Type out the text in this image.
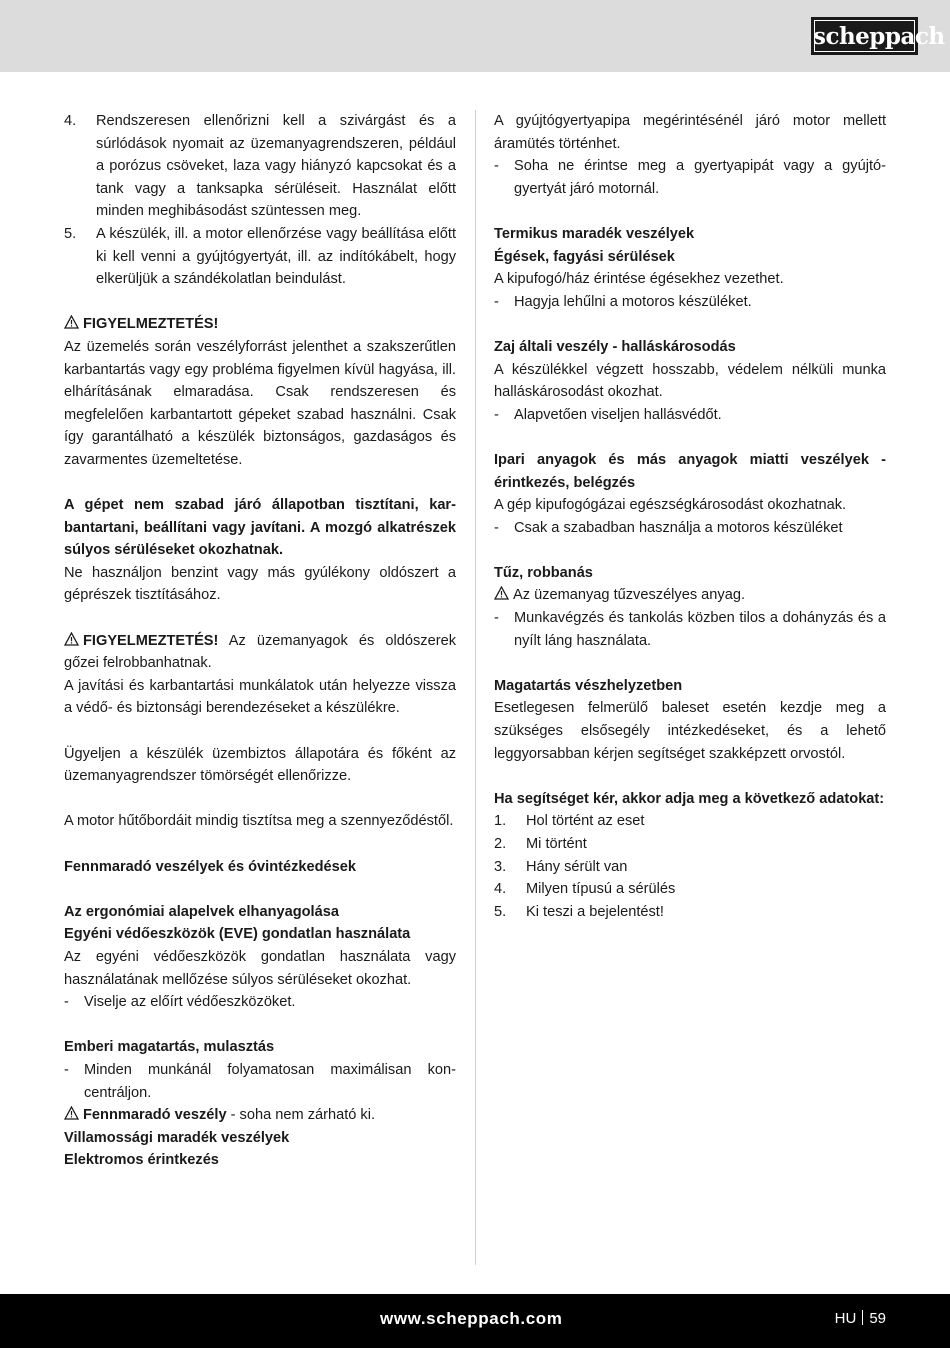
scheppach
4. Rendszeresen ellenőrizni kell a szivárgást és a súrlódások nyomait az üzemanyagrendszeren, például a porózus csöveket, laza vagy hiányzó kapcsokat és a tank vagy a tanksapka sérüléseit. Használat előtt minden meghibásodást szüntessen meg.
5. A készülék, ill. a motor ellenőrzése vagy beállítása előtt ki kell venni a gyújtógyertyát, ill. az indítókábelt, hogy elkerüljük a szándékolatlan beindulást.

FIGYELMEZTETÉS!

Az üzemelés során veszélyforrást jelenthet a szakszerűtlen karbantartás vagy egy probléma figyelmen kívül hagyása, ill. elhárításának elmaradása. Csak rendszeresen és megfelelően karbantartott gépeket szabad használni. Csak így garantálható a készülék biztonságos, gazdaságos és zavarmentes üzemeltetése.

A gépet nem szabad járó állapotban tisztítani, karbantartani, beállítani vagy javítani. A mozgó alkatrészek súlyos sérüléseket okozhatnak.

Ne használjon benzint vagy más gyúlékony oldószert a géprészek tisztításához.

FIGYELMEZTETÉS! Az üzemanyagok és oldószerek gőzei felrobbanhatnak.

A javítási és karbantartási munkálatok után helyezze vissza a védő- és biztonsági berendezéseket a készülékre.

Ügyeljen a készülék üzembiztos állapotára és főként az üzemanyagrendszer tömörségét ellenőrizze.

A motor hűtőbordáit mindig tisztítsa meg a szennyeződéstől.

Fennmaradó veszélyek és óvintézkedések

Az ergonómiai alapelvek elhanyagolása

Egyéni védőeszközök (EVE) gondatlan használata

Az egyéni védőeszközök gondatlan használata vagy használatának mellőzése súlyos sérüléseket okozhat.

- Viselje az előírt védőeszközöket.

Emberi magatartás, mulasztás

- Minden munkánál folyamatosan maximálisan koncentráljon.

Fennmaradó veszély - soha nem zárható ki.

Villamossági maradék veszélyek

Elektromos érintkezés

A gyújtógyertyapipa megérintésénél járó motor mellett áramütés történhet.

- Soha ne érintse meg a gyertyapipát vagy a gyújtógyertyát járó motornál.

Termikus maradék veszélyek

Égések, fagyási sérülések

A kipufogó/ház érintése égésekhez vezethet.

- Hagyja lehűlni a motoros készüléket.

Zaj általi veszély - halláskárosodás

A készülékkel végzett hosszabb, védelem nélküli munka halláskárosodást okozhat.

- Alapvetően viseljen hallásvédőt.

Ipari anyagok és más anyagok miatti veszélyek - érintkezés, belégzés

A gép kipufogógázai egészségkárosodást okozhatnak.

- Csak a szabadban használja a motoros készüléket

Tűz, robbanás

Az üzemanyag tűzveszélyes anyag.

- Munkavégzés és tankolás közben tilos a dohányzás és a nyílt láng használata.

Magatartás vészhelyzetben

Esetlegesen felmerülő baleset esetén kezdje meg a szükséges elsősegély intézkedéseket, és a lehető leggyorsabban kérjen segítséget szakképzett orvostól.

Ha segítséget kér, akkor adja meg a következő adatokat:

1. Hol történt az eset
2. Mi történt
3. Hány sérült van
4. Milyen típusú a sérülés
5. Ki teszi a bejelentést!
www.scheppach.com	HU 59
